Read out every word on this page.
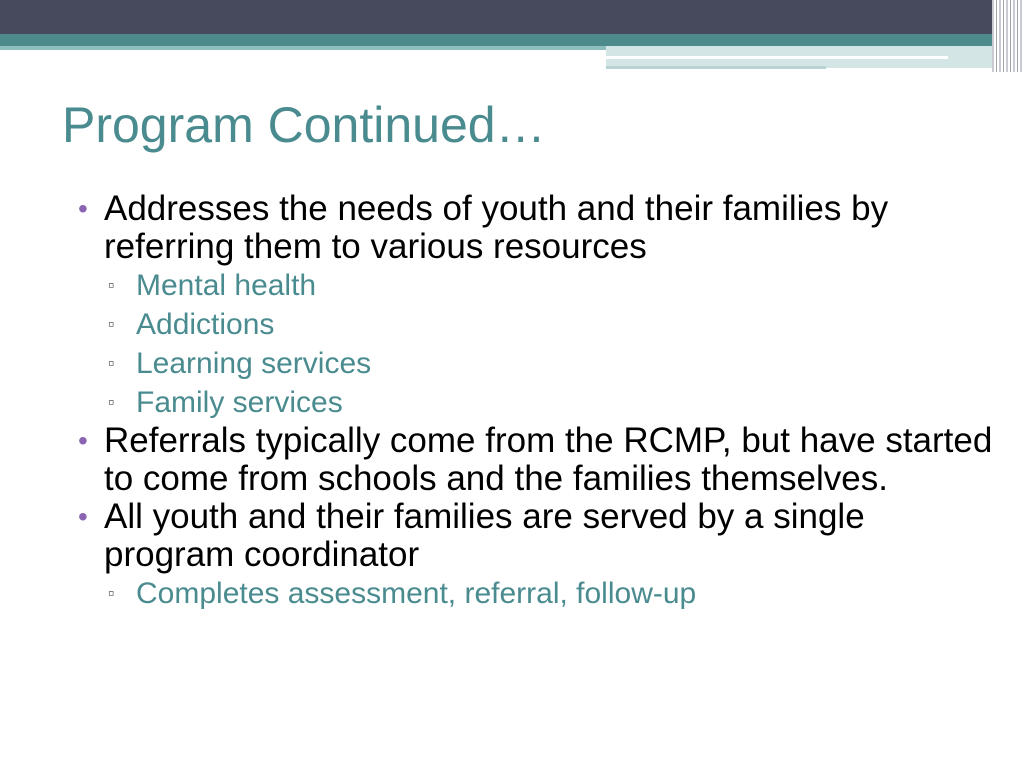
Program Continued…
• Addresses the needs of youth and their families by referring them to various resources
▫ Mental health
▫ Addictions
▫ Learning services
▫ Family services
• Referrals typically come from the RCMP, but have started to come from schools and the families themselves.
• All youth and their families are served by a single program coordinator
▫ Completes assessment, referral, follow-up
